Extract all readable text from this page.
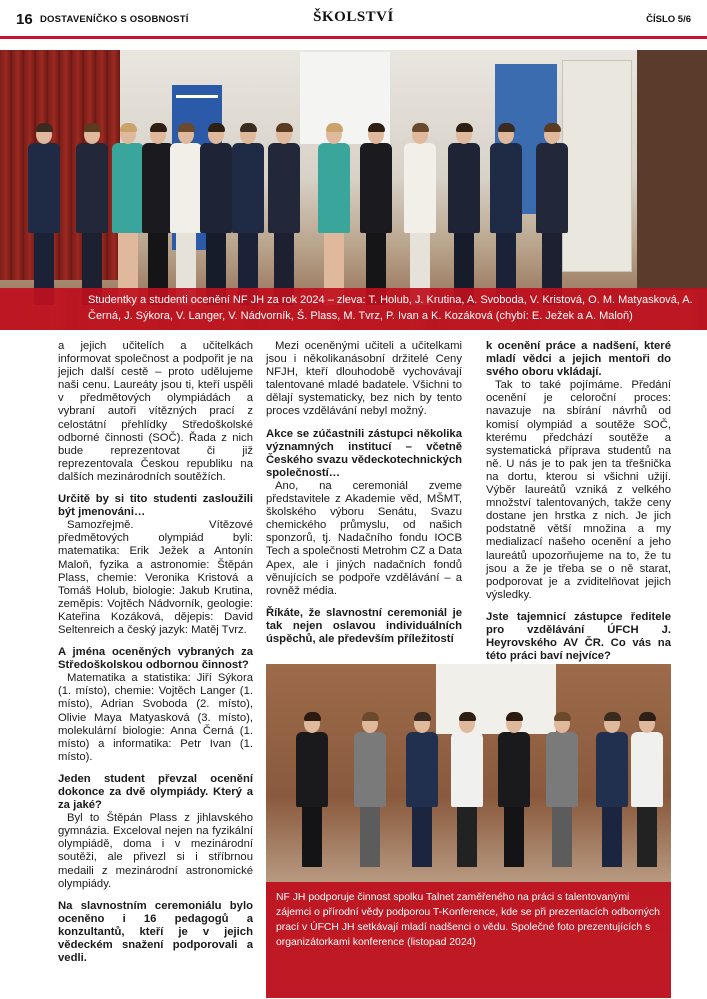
16 DOSTAVENÍČKO S OSOBNOSTÍ	ŠKOLSTVÍ	ČÍSLO 5/6

Studentky a studenti ocenění NF JH za rok 2024 – zleva: T. Holub, J. Krutina, A. Svoboda, V. Kristová, O. M. Matyasková, A. Černá, J. Sýkora, V. Langer, V. Nádvorník, Š. Plass, M. Tvrz, P. Ivan a K. Kozáková (chybí: E. Ježek a A. Maloň)

a jejich učitelích a učitelkách informovat společnost a podpořit je na jejich další cestě – proto udělujeme naši cenu. Laureáty jsou ti, kteří uspěli v předmětových olympiádách a vybraní autoři vítězných prací z celostátní přehlídky Středoškolské odborné činnosti (SOČ). Řada z nich bude reprezentovat či již reprezentovala Českou republiku na dalších mezinárodních soutěžích.

Určitě by si tito studenti zasloužili být jmenováni…

Samozřejmě. Vítězové předmětových olympiád byli: matematika: Erik Ježek a Antonín Maloň, fyzika a astronomie: Štěpán Plass, chemie: Veronika Kristová a Tomáš Holub, biologie: Jakub Krutina, zeměpis: Vojtěch Nádvorník, geologie: Kateřina Kozáková, dějepis: David Seltenreich a český jazyk: Matěj Tvrz.

A jména oceněných vybraných za Středoškolskou odbornou činnost?

Matematika a statistika: Jiří Sýkora (1. místo), chemie: Vojtěch Langer (1. místo), Adrian Svoboda (2. místo), Olivie Maya Matyasková (3. místo), molekulární biologie: Anna Černá (1. místo) a informatika: Petr Ivan (1. místo).

Jeden student převzal ocenění dokonce za dvě olympiády. Který a za jaké?

Byl to Štěpán Plass z jihlavského gymnázia. Exceloval nejen na fyzikální olympiádě, doma i v mezinárodní soutěži, ale přivezl si i stříbrnou medaili z mezinárodní astronomické olympiády.

Na slavnostním ceremoniálu bylo oceněno i 16 pedagogů a konzultantů, kteří je v jejich vědeckém snažení podporovali a vedli.

Mezi oceněnými učiteli a učitelkami jsou i několikanásobní držitelé Ceny NFJH, kteří dlouhodobě vychovávají talentované mladé badatele. Všichni to dělají systematicky, bez nich by tento proces vzdělávání nebyl možný.

Akce se zúčastnili zástupci několika významných institucí – včetně Českého svazu vědeckotechnických společností…

Ano, na ceremoniál zveme představitele z Akademie věd, MŠMT, školského výboru Senátu, Svazu chemického průmyslu, od našich sponzorů, tj. Nadačního fondu IOCB Tech a společnosti Metrohm CZ a Data Apex, ale i jiných nadačních fondů věnujících se podpoře vzdělávání – a rovněž média.

Říkáte, že slavnostní ceremoniál je tak nejen oslavou individuálních úspěchů, ale především příležitostí

k ocenění práce a nadšení, které mladí vědci a jejich mentoři do svého oboru vkládají.

Tak to také pojímáme. Předání ocenění je celoroční proces: navazuje na sbírání návrhů od komisí olympiád a soutěže SOČ, kterému předchází soutěže a systematická příprava studentů na ně. U nás je to pak jen ta třešnička na dortu, kterou si všichni užijí. Výběr laureátů vzniká z velkého množství talentovaných, takže ceny dostane jen hrstka z nich. Je jich podstatně větší množina a my medializací našeho ocenění a jeho laureátů upozorňujeme na to, že tu jsou a že je třeba se o ně starat, podporovat je a zviditelňovat jejich výsledky.

Jste tajemnicí zástupce ředitele pro vzdělávání ÚFCH J. Heyrovského AV ČR. Co vás na této práci baví nejvíce?

NF JH podporuje činnost spolku Talnet zaměřeného na práci s talentovanými zájemci o přírodní vědy podporou T-Konference, kde se při prezentacích odborných prací v ÚFCH JH setkávají mladí nadšenci o vědu. Společné foto prezentujících s organizátorkami konference (listopad 2024)
